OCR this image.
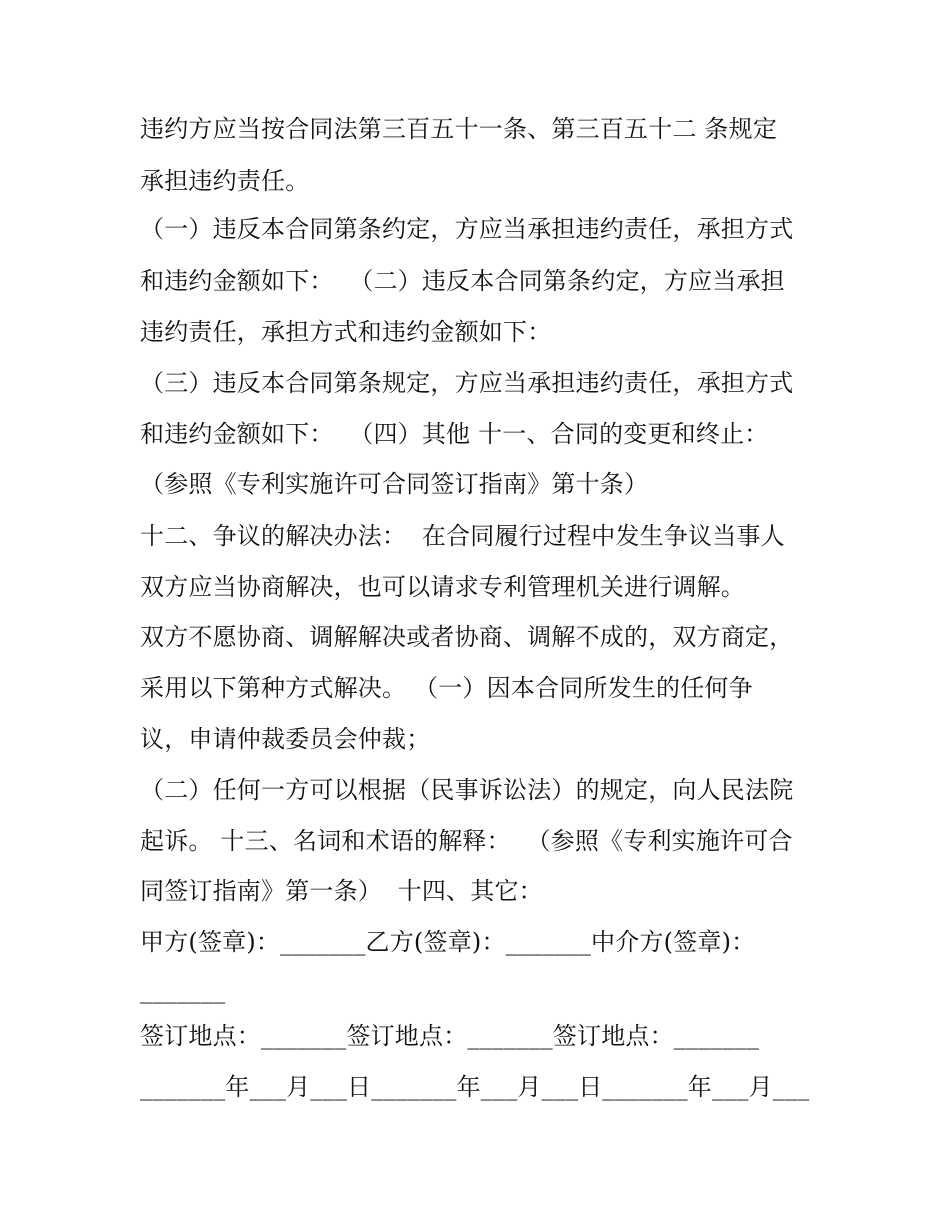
违约方应当按合同法第三百五十一条、第三百五十二 条规定
承担违约责任。
（一）违反本合同第条约定，方应当承担违约责任，承担方式
和违约金额如下：  （二）违反本合同第条约定，方应当承担
违约责任，承担方式和违约金额如下：
（三）违反本合同第条规定，方应当承担违约责任，承担方式
和违约金额如下：  （四）其他 十一、合同的变更和终止：
（参照《专利实施许可合同签订指南》第十条）
十二、争议的解决办法：  在合同履行过程中发生争议当事人
双方应当协商解决，也可以请求专利管理机关进行调解。
双方不愿协商、调解解决或者协商、调解不成的，双方商定，
采用以下第种方式解决。 （一）因本合同所发生的任何争
议，申请仲裁委员会仲裁；
（二）任何一方可以根据（民事诉讼法）的规定，向人民法院
起诉。 十三、名词和术语的解释：  （参照《专利实施许可合
同签订指南》第一条）  十四、其它：
甲方(签章)：_______乙方(签章)：_______中介方(签章)：
_______
签订地点：_______签订地点：_______签订地点：_______
_______年___月___日_______年___月___日_______年___月___
